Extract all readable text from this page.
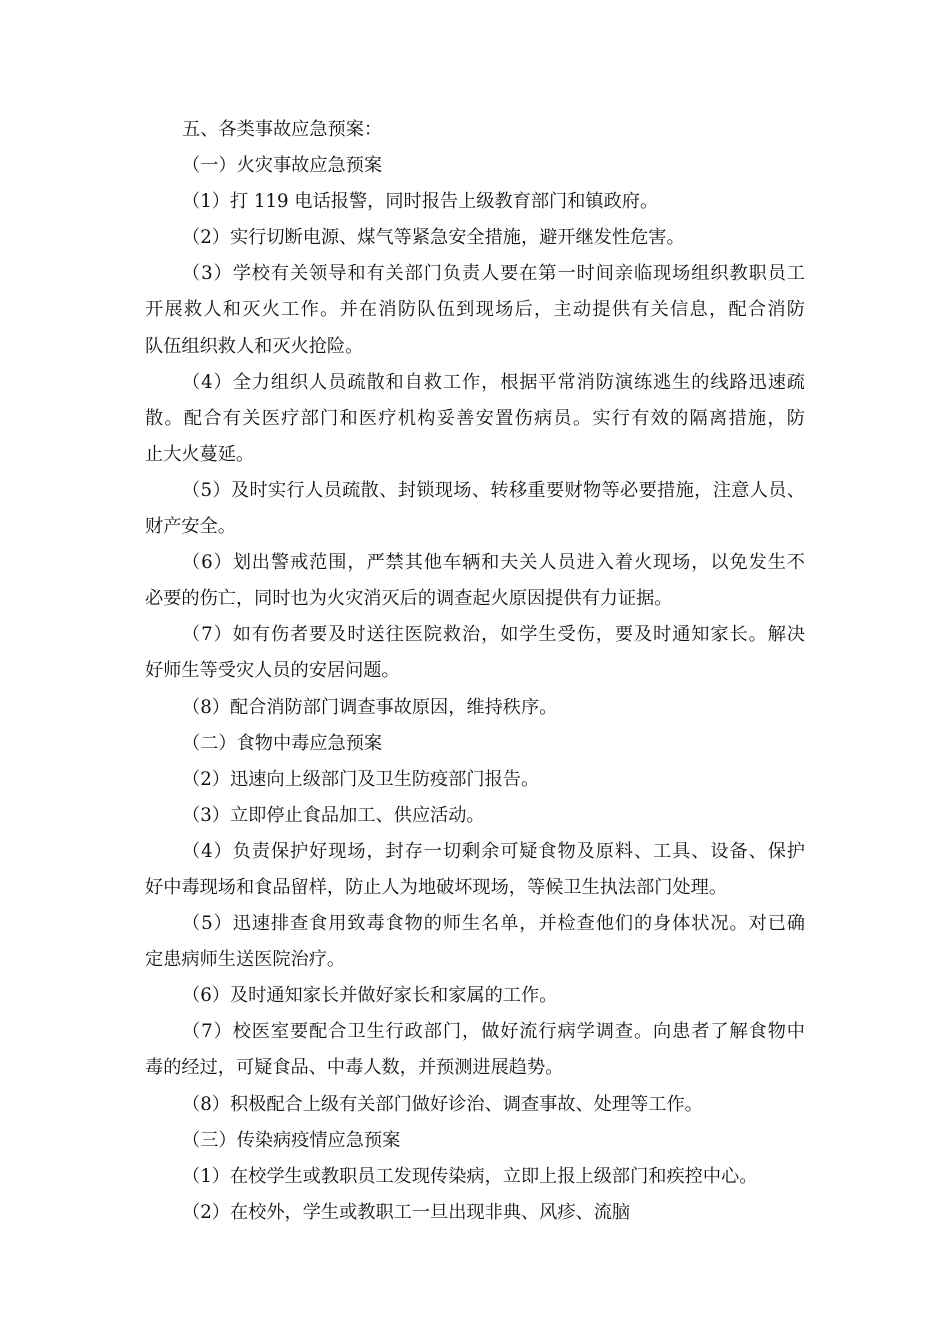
五、各类事故应急预案：
（一）火灾事故应急预案
（1）打 119 电话报警，同时报告上级教育部门和镇政府。
（2）实行切断电源、煤气等紧急安全措施，避开继发性危害。
（3）学校有关领导和有关部门负责人要在第一时间亲临现场组织教职员工
开展救人和灭火工作。并在消防队伍到现场后，主动提供有关信息，配合消防
队伍组织救人和灭火抢险。
（4）全力组织人员疏散和自救工作，根据平常消防演练逃生的线路迅速疏
散。配合有关医疗部门和医疗机构妥善安置伤病员。实行有效的隔离措施，防
止大火蔓延。
（5）及时实行人员疏散、封锁现场、转移重要财物等必要措施，注意人员、
财产安全。
（6）划出警戒范围，严禁其他车辆和夫关人员进入着火现场，以免发生不
必要的伤亡，同时也为火灾消灭后的调查起火原因提供有力证据。
（7）如有伤者要及时送往医院救治，如学生受伤，要及时通知家长。解决
好师生等受灾人员的安居问题。
（8）配合消防部门调查事故原因，维持秩序。
（二）食物中毒应急预案
（2）迅速向上级部门及卫生防疫部门报告。
（3）立即停止食品加工、供应活动。
（4）负责保护好现场，封存一切剩余可疑食物及原料、工具、设备、保护
好中毒现场和食品留样，防止人为地破坏现场，等候卫生执法部门处理。
（5）迅速排查食用致毒食物的师生名单，并检查他们的身体状况。对已确
定患病师生送医院治疗。
（6）及时通知家长并做好家长和家属的工作。
（7）校医室要配合卫生行政部门，做好流行病学调查。向患者了解食物中
毒的经过，可疑食品、中毒人数，并预测进展趋势。
（8）积极配合上级有关部门做好诊治、调查事故、处理等工作。
（三）传染病疫情应急预案
（1）在校学生或教职员工发现传染病，立即上报上级部门和疾控中心。
（2）在校外，学生或教职工一旦出现非典、风疹、流脑
